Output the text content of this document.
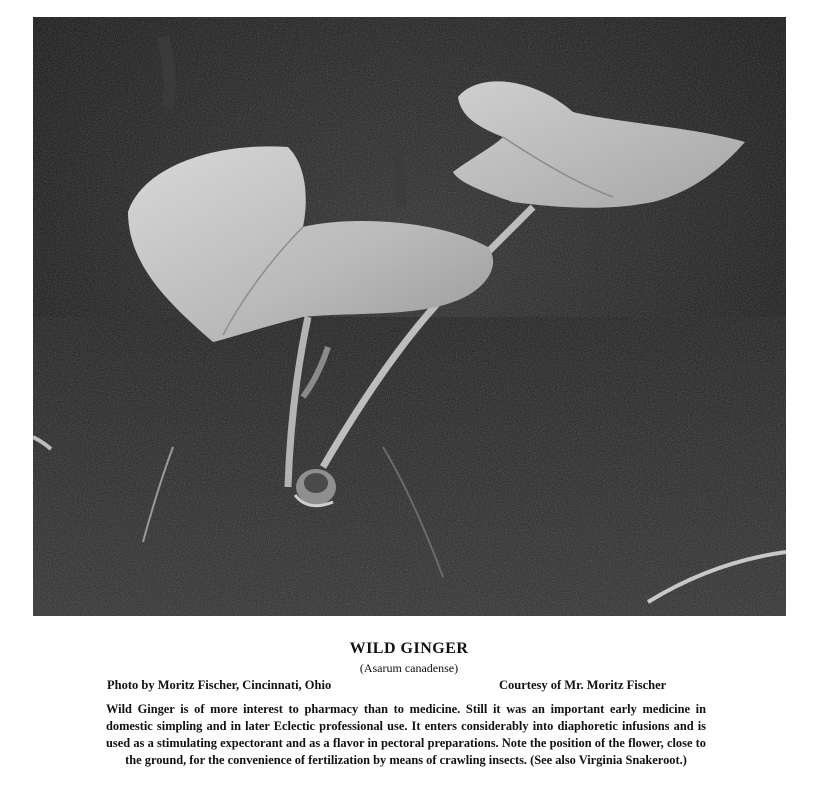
WILD GINGER
(Asarum canadense)
Photo by Moritz Fischer, Cincinnati, Ohio	Courtesy of Mr. Moritz Fischer
Wild Ginger is of more interest to pharmacy than to medicine. Still it was an important early medicine in domestic simpling and in later Eclectic professional use. It enters considerably into diaphoretic infusions and is used as a stimulating expectorant and as a flavor in pectoral preparations. Note the position of the flower, close to the ground, for the convenience of fertilization by means of crawling insects. (See also Virginia Snakeroot.)
